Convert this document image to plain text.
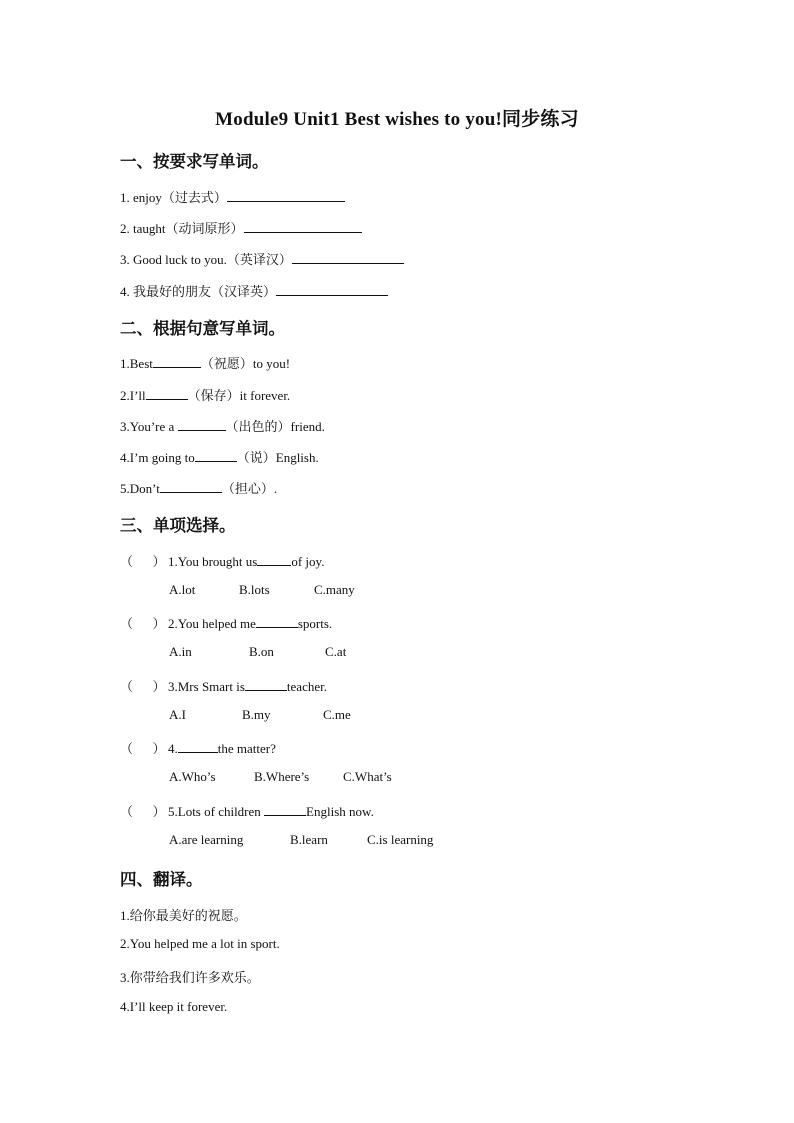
Module9 Unit1 Best wishes to you!同步练习
一、按要求写单词。
1. enjoy（过去式）
2. taught（动词原形）
3. Good luck to you.（英译汉）
4. 我最好的朋友（汉译英）
二、根据句意写单词。
1.Best	（祝愿）to you!
2.I’ll	（保存）it forever.
3.You’re a	（出色的）friend.
4.I’m going to	（说）English.
5.Don’t	（担心）.
三、单项选择。
（      ） 1.You brought us	of joy.
A.lot	B.lots	C.many
（      ） 2.You helped me	sports.
A.in	B.on	C.at
（      ） 3.Mrs Smart is	teacher.
A.I	B.my	C.me
（      ） 4.	the matter?
A.Who’s	B.Where’s	C.What’s
（      ） 5.Lots of children	English now.
A.are learning	B.learn	C.is learning
四、翻译。
1.给你最美好的祝愿。
2.You helped me a lot in sport.
3.你带给我们许多欢乐。
4.I’ll keep it forever.
